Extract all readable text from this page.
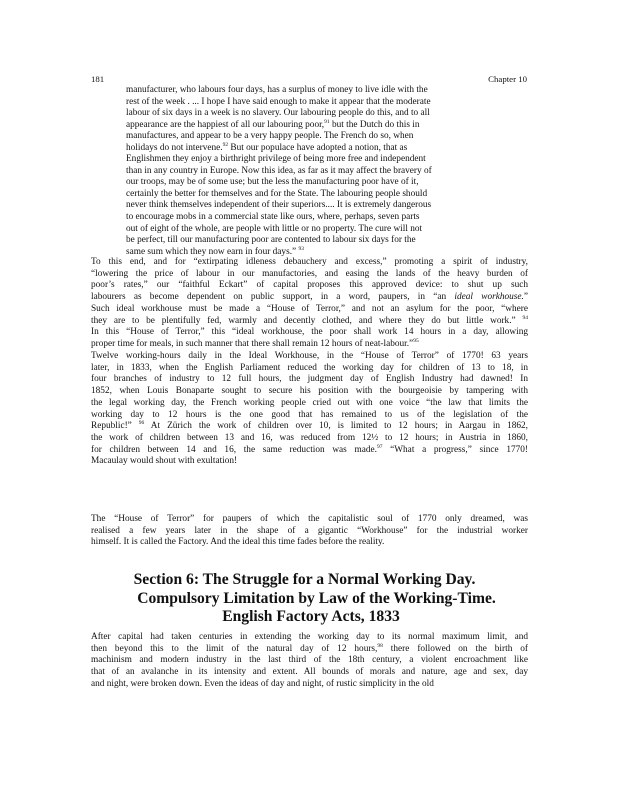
181	Chapter 10
manufacturer, who labours four days, has a surplus of money to live idle with the
rest of the week . ... I hope I have said enough to make it appear that the moderate
labour of six days in a week is no slavery. Our labouring people do this, and to all
appearance are the happiest of all our labouring poor,$^{91}$ but the Dutch do this in
manufactures, and appear to be a very happy people. The French do so, when
holidays do not intervene.$^{92}$ But our populace have adopted a notion, that as
Englishmen they enjoy a birthright privilege of being more free and independent
than in any country in Europe. Now this idea, as far as it may affect the bravery of
our troops, may be of some use; but the less the manufacturing poor have of it,
certainly the better for themselves and for the State. The labouring people should
never think themselves independent of their superiors.... It is extremely dangerous
to encourage mobs in a commercial state like ours, where, perhaps, seven parts
out of eight of the whole, are people with little or no property. The cure will not
be perfect, till our manufacturing poor are contented to labour six days for the
same sum which they now earn in four days.” $^{93}$
To this end, and for “extirpating idleness debauchery and excess,” promoting a spirit of industry,
“lowering the price of labour in our manufactories, and easing the lands of the heavy burden of
poor’s rates,” our “faithful Eckart” of capital proposes this approved device: to shut up such
labourers as become dependent on public support, in a word, paupers, in “an ideal workhouse.”
Such ideal workhouse must be made a “House of Terror,” and not an asylum for the poor, “where
they are to be plentifully fed, warmly and decently clothed, and where they do but little work.” $^{94}$
In this “House of Terror,” this “ideal workhouse, the poor shall work 14 hours in a day, allowing
proper time for meals, in such manner that there shall remain 12 hours of neat-labour.”$^{95}$
Twelve working-hours daily in the Ideal Workhouse, in the “House of Terror” of 1770! 63 years
later, in 1833, when the English Parliament reduced the working day for children of 13 to 18, in
four branches of industry to 12 full hours, the judgment day of English Industry had dawned! In
1852, when Louis Bonaparte sought to secure his position with the bourgeoisie by tampering with
the legal working day, the French working people cried out with one voice “the law that limits the
working day to 12 hours is the one good that has remained to us of the legislation of the
Republic!” $^{96}$ At Zürich the work of children over 10, is limited to 12 hours; in Aargau in 1862,
the work of children between 13 and 16, was reduced from 12½ to 12 hours; in Austria in 1860,
for children between 14 and 16, the same reduction was made.$^{97}$ “What a progress,” since 1770!
Macaulay would shout with exultation!
The “House of Terror” for paupers of which the capitalistic soul of 1770 only dreamed, was
realised a few years later in the shape of a gigantic “Workhouse” for the industrial worker
himself. It is called the Factory. And the ideal this time fades before the reality.
Section 6: The Struggle for a Normal Working Day.
Compulsory Limitation by Law of the Working-Time.
English Factory Acts, 1833
After capital had taken centuries in extending the working day to its normal maximum limit, and
then beyond this to the limit of the natural day of 12 hours,$^{98}$ there followed on the birth of
machinism and modern industry in the last third of the 18th century, a violent encroachment like
that of an avalanche in its intensity and extent. All bounds of morals and nature, age and sex, day
and night, were broken down. Even the ideas of day and night, of rustic simplicity in the old
